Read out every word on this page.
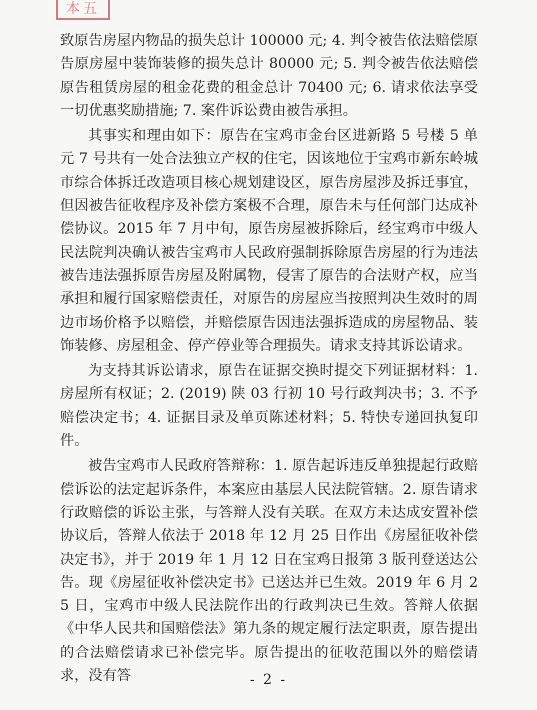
本五

致原告房屋内物品的损失总计 100000 元; 4. 判令被告依法赔偿原告原房屋中装饰装修的损失总计 80000 元; 5. 判令被告依法赔偿原告租赁房屋的租金花费的租金总计 70400 元; 6. 请求依法享受一切优惠奖励措施; 7. 案件诉讼费由被告承担。

其事实和理由如下：原告在宝鸡市金台区进新路 5 号楼 5 单元 7 号共有一处合法独立产权的住宅，因该地位于宝鸡市新东岭城市综合体拆迁改造项目核心规划建设区，原告房屋涉及拆迁事宜，但因被告征收程序及补偿方案极不合理，原告未与任何部门达成补偿协议。2015 年 7 月中旬，原告房屋被拆除后，经宝鸡市中级人民法院判决确认被告宝鸡市人民政府强制拆除原告房屋的行为违法被告违法强拆原告房屋及附属物，侵害了原告的合法财产权，应当承担和履行国家赔偿责任，对原告的房屋应当按照判决生效时的周边市场价格予以赔偿，并赔偿原告因违法强拆造成的房屋物品、装饰装修、房屋租金、停产停业等合理损失。请求支持其诉讼请求。

为支持其诉讼请求，原告在证据交换时提交下列证据材料：1. 房屋所有权证；2. (2019) 陕 03 行初 10 号行政判决书；3. 不予赔偿决定书；4. 证据目录及单页陈述材料；5. 特快专递回执复印件。

被告宝鸡市人民政府答辩称：1. 原告起诉违反单独提起行政赔偿诉讼的法定起诉条件，本案应由基层人民法院管辖。2. 原告请求行政赔偿的诉讼主张，与答辩人没有关联。在双方未达成安置补偿协议后，答辩人依法于 2018 年 12 月 25 日作出《房屋征收补偿决定书》，并于 2019 年 1 月 12 日在宝鸡日报第 3 版刊登送达公告。现《房屋征收补偿决定书》已送达并已生效。2019 年 6 月 25 日，宝鸡市中级人民法院作出的行政判决已生效。答辩人依据《中华人民共和国赔偿法》第九条的规定履行法定职责，原告提出的合法赔偿请求已补偿完毕。原告提出的征收范围以外的赔偿请求，没有答	- 2 -
